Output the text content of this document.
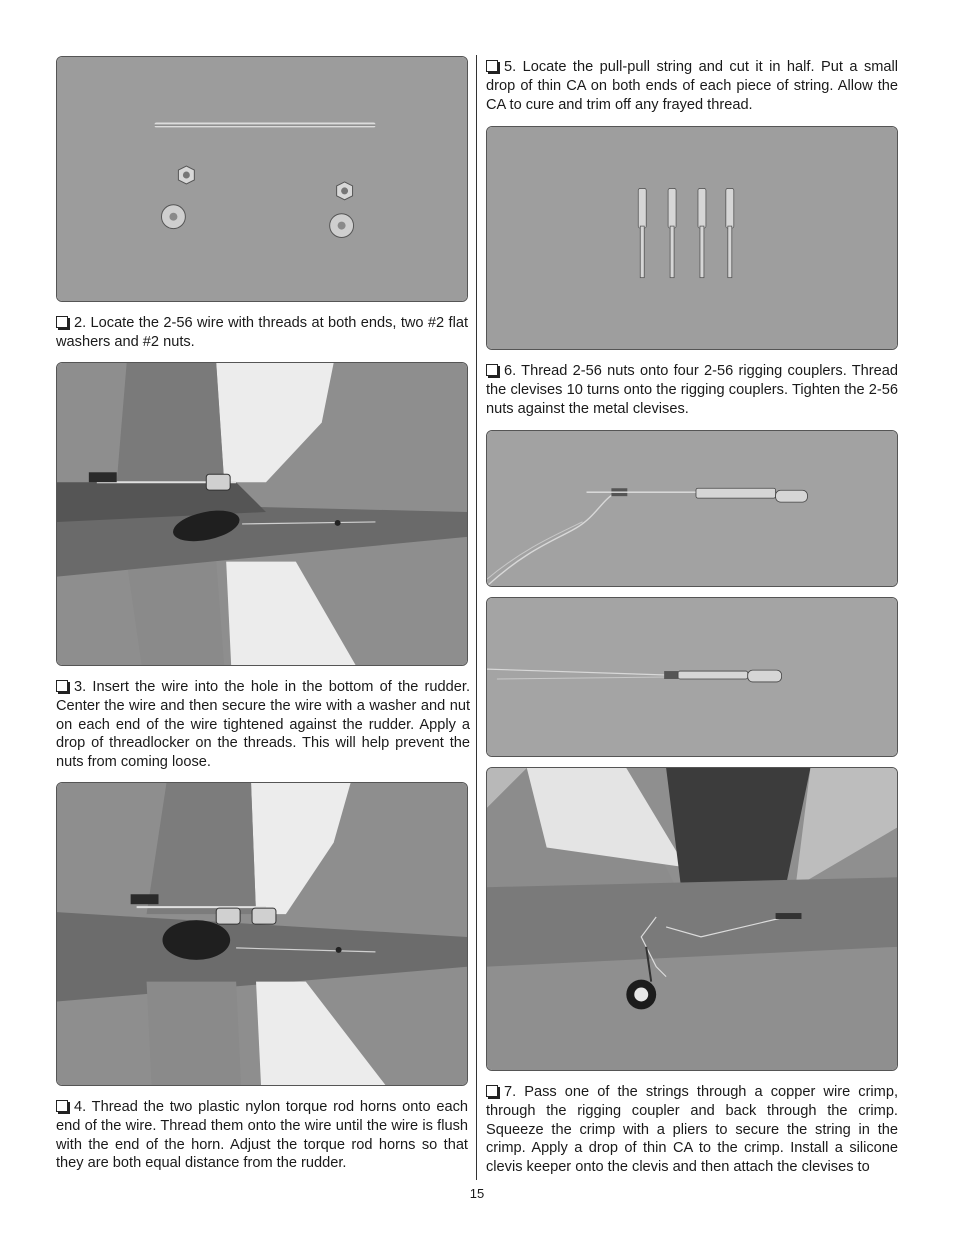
2. Locate the 2-56 wire with threads at both ends, two #2 flat washers and #2 nuts.

3. Insert the wire into the hole in the bottom of the rudder. Center the wire and then secure the wire with a washer and nut on each end of the wire tightened against the rudder. Apply a drop of threadlocker on the threads. This will help prevent the nuts from coming loose.

4. Thread the two plastic nylon torque rod horns onto each end of the wire. Thread them onto the wire until the wire is flush with the end of the horn. Adjust the torque rod horns so that they are both equal distance from the rudder.

5. Locate the pull-pull string and cut it in half. Put a small drop of thin CA on both ends of each piece of string. Allow the CA to cure and trim off any frayed thread.

6. Thread 2-56 nuts onto four 2-56 rigging couplers. Thread the clevises 10 turns onto the rigging couplers. Tighten the 2-56 nuts against the metal clevises.

7. Pass one of the strings through a copper wire crimp, through the rigging coupler and back through the crimp. Squeeze the crimp with a pliers to secure the string in the crimp. Apply a drop of thin CA to the crimp. Install a silicone clevis keeper onto the clevis and then attach the clevises to

15
